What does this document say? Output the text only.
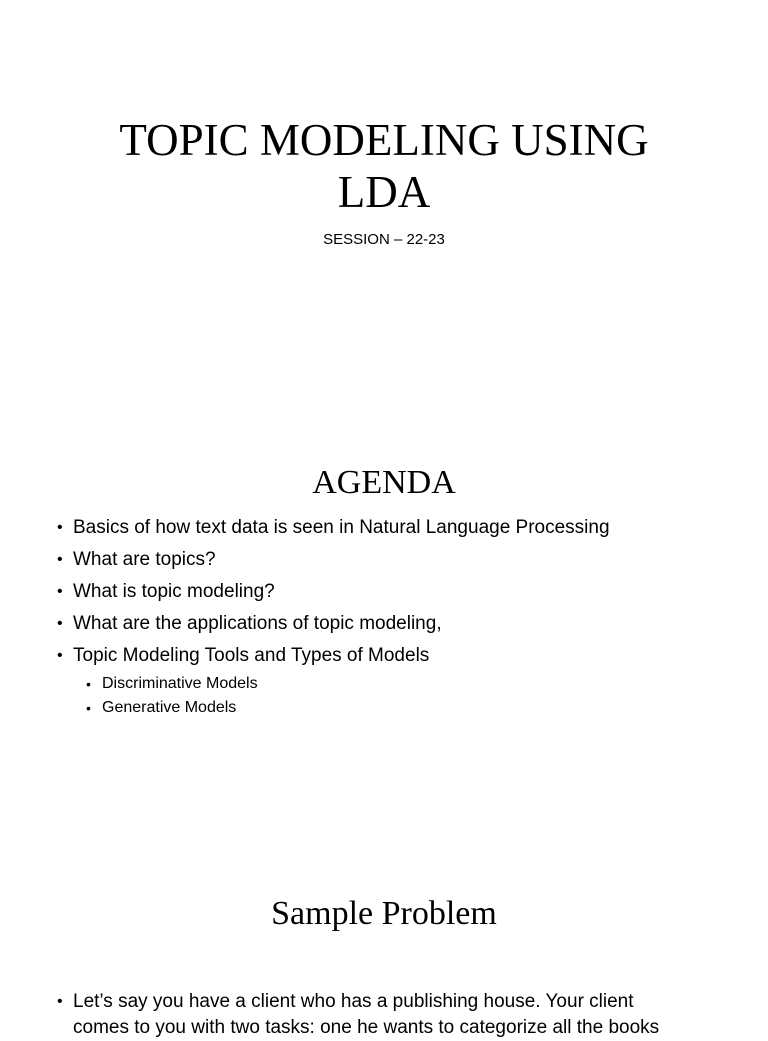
TOPIC MODELING USING
LDA
SESSION – 22-23
AGENDA
• Basics of how text data is seen in Natural Language Processing
• What are topics?
• What is topic modeling?
• What are the applications of topic modeling,
• Topic Modeling Tools and Types of Models
• Discriminative Models
• Generative Models
Sample Problem
• Let’s say you have a client who has a publishing house. Your client
comes to you with two tasks: one he wants to categorize all the books
